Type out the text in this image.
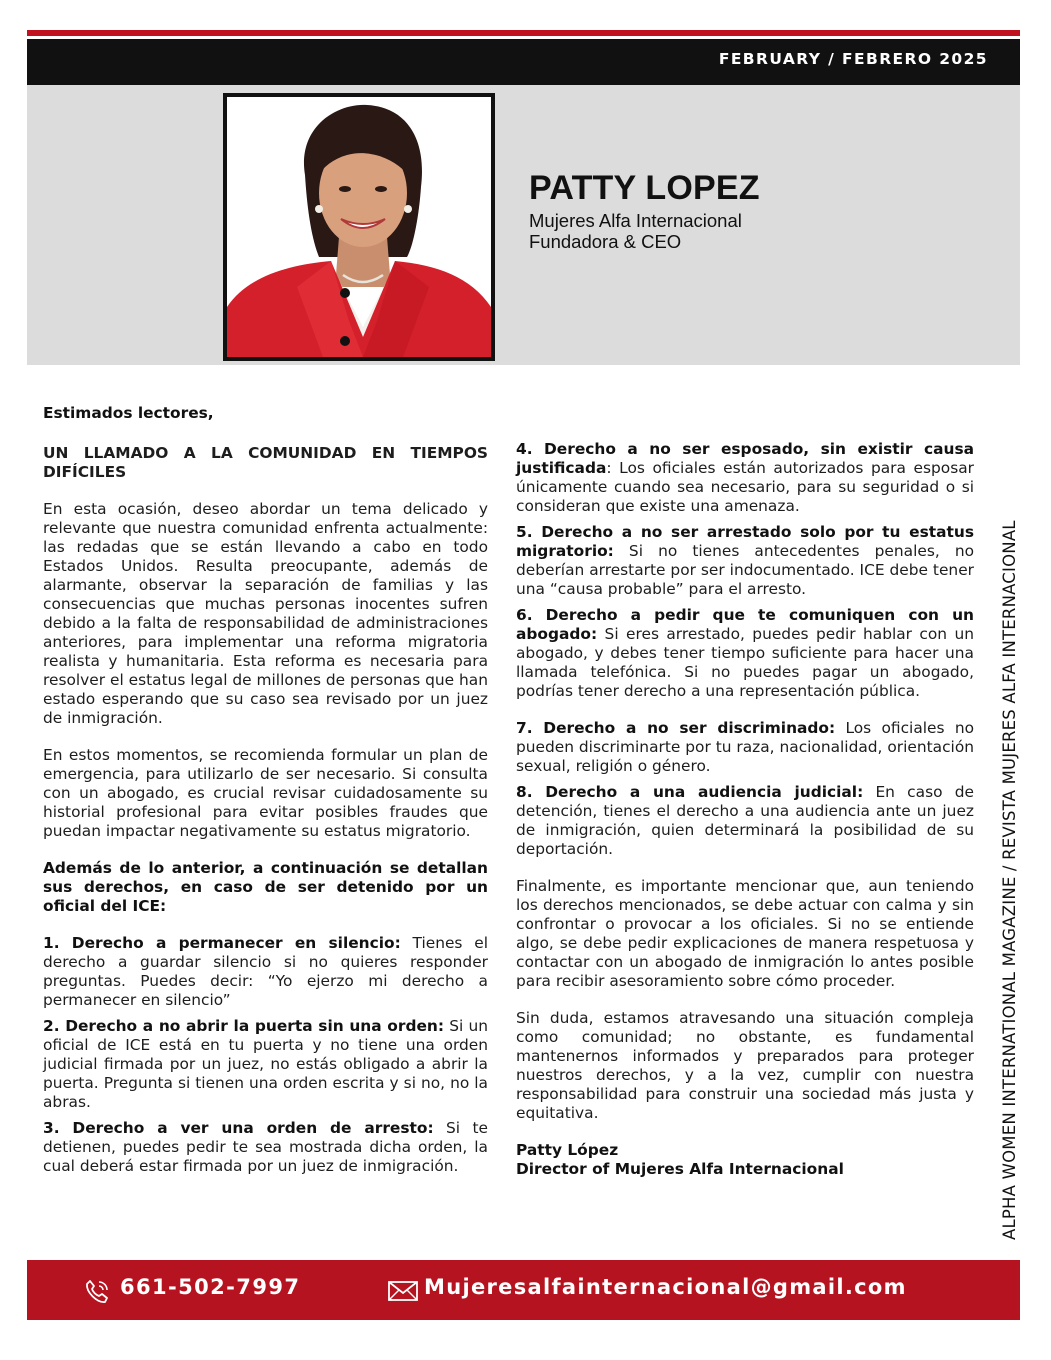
FEBRUARY / FEBRERO 2025
PATTY LOPEZ
Mujeres Alfa Internacional
Fundadora & CEO

Estimados lectores,

UN LLAMADO A LA COMUNIDAD EN TIEMPOS DIFÍCILES

En esta ocasión, deseo abordar un tema delicado y relevante que nuestra comunidad enfrenta actualmente: las redadas que se están llevando a cabo en todo Estados Unidos. Resulta preocupante, además de alarmante, observar la separación de familias y las consecuencias que muchas personas inocentes sufren debido a la falta de responsabilidad de administraciones anteriores, para implementar una reforma migratoria realista y humanitaria. Esta reforma es necesaria para resolver el estatus legal de millones de personas que han estado esperando que su caso sea revisado por un juez de inmigración.

En estos momentos, se recomienda formular un plan de emergencia, para utilizarlo de ser necesario. Si consulta con un abogado, es crucial revisar cuidadosamente su historial profesional para evitar posibles fraudes que puedan impactar negativamente su estatus migratorio.

Además de lo anterior, a continuación se detallan sus derechos, en caso de ser detenido por un oficial del ICE:

1. Derecho a permanecer en silencio: Tienes el derecho a guardar silencio si no quieres responder preguntas. Puedes decir: “Yo ejerzo mi derecho a permanecer en silencio”

2. Derecho a no abrir la puerta sin una orden: Si un oficial de ICE está en tu puerta y no tiene una orden judicial firmada por un juez, no estás obligado a abrir la puerta. Pregunta si tienen una orden escrita y si no, no la abras.

3. Derecho a ver una orden de arresto: Si te detienen, puedes pedir te sea mostrada dicha orden, la cual deberá estar firmada por un juez de inmigración.

4. Derecho a no ser esposado, sin existir causa justificada: Los oficiales están autorizados para esposar únicamente cuando sea necesario, para su seguridad o si consideran que existe una amenaza.

5. Derecho a no ser arrestado solo por tu estatus migratorio: Si no tienes antecedentes penales, no deberían arrestarte por ser indocumentado. ICE debe tener una “causa probable” para el arresto.

6. Derecho a pedir que te comuniquen con un abogado: Si eres arrestado, puedes pedir hablar con un abogado, y debes tener tiempo suficiente para hacer una llamada telefónica. Si no puedes pagar un abogado, podrías tener derecho a una representación pública.

7. Derecho a no ser discriminado: Los oficiales no pueden discriminarte por tu raza, nacionalidad, orientación sexual, religión o género.

8. Derecho a una audiencia judicial: En caso de detención, tienes el derecho a una audiencia ante un juez de inmigración, quien determinará la posibilidad de su deportación.

Finalmente, es importante mencionar que, aun teniendo los derechos mencionados, se debe actuar con calma y sin confrontar o provocar a los oficiales. Si no se entiende algo, se debe pedir explicaciones de manera respetuosa y contactar con un abogado de inmigración lo antes posible para recibir asesoramiento sobre cómo proceder.

Sin duda, estamos atravesando una situación compleja como comunidad; no obstante, es fundamental mantenernos informados y preparados para proteger nuestros derechos, y a la vez, cumplir con nuestra responsabilidad para construir una sociedad más justa y equitativa.

Patty López

Director of Mujeres Alfa Internacional	ALPHA WOMEN INTERNATIONAL MAGAZINE / REVISTA MUJERES ALFA INTERNACIONAL
661-502-7997	Mujeresalfainternacional@gmail.com
